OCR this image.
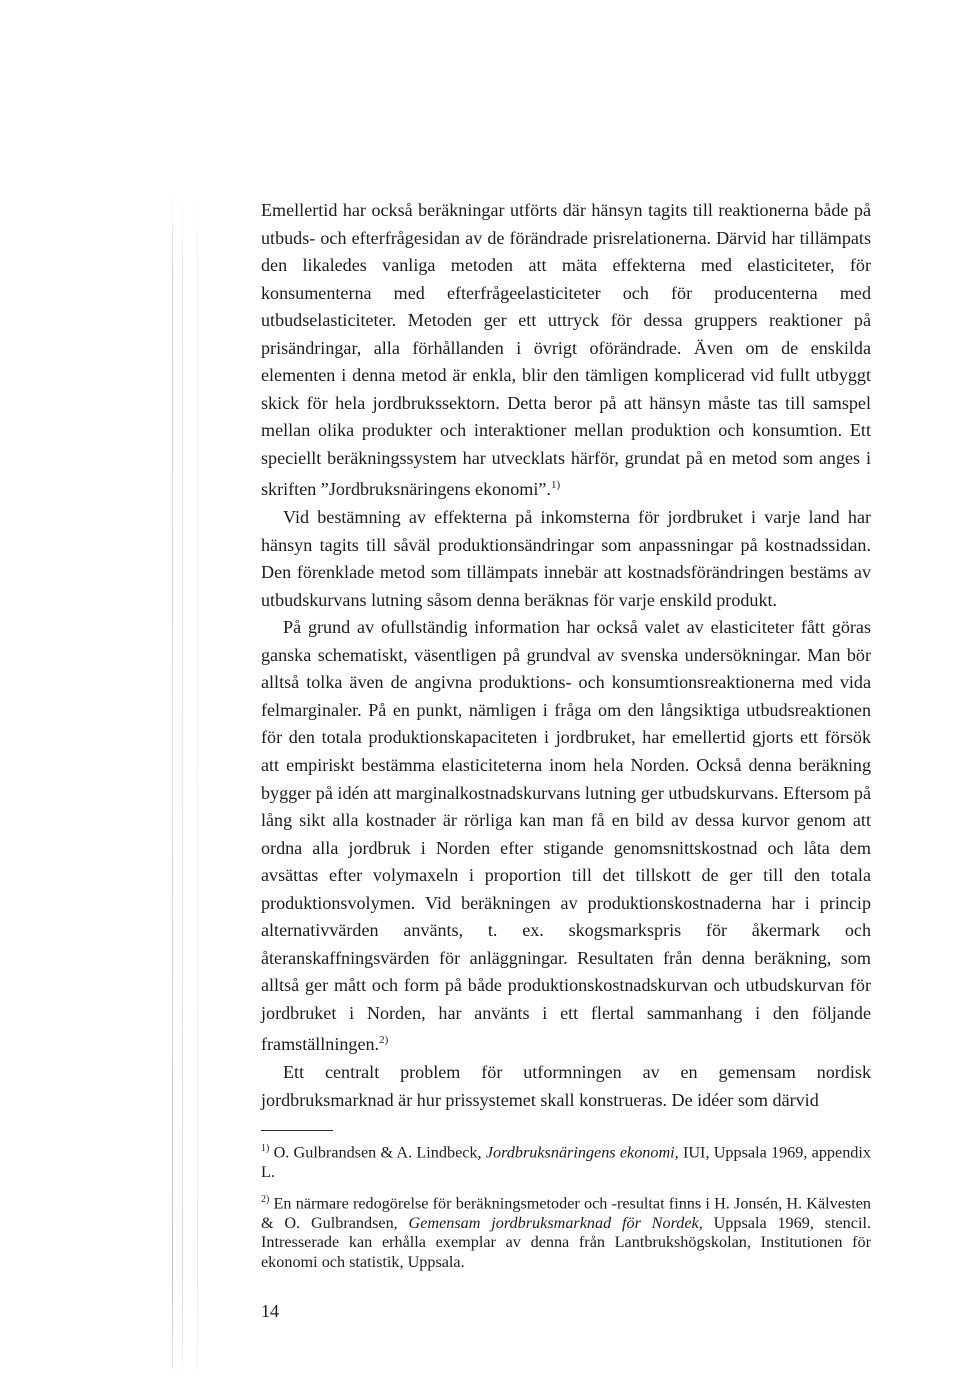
Emellertid har också beräkningar utförts där hänsyn tagits till reaktionerna både på utbuds- och efterfrågesidan av de förändrade prisrelationerna. Därvid har tillämpats den likaledes vanliga metoden att mäta effekterna med elasticiteter, för konsumenterna med efterfrågeelasticiteter och för producenterna med utbudselasticiteter. Metoden ger ett uttryck för dessa gruppers reaktioner på prisändringar, alla förhållanden i övrigt oförändrade. Även om de enskilda elementen i denna metod är enkla, blir den tämligen komplicerad vid fullt utbyggt skick för hela jordbrukssektorn. Detta beror på att hänsyn måste tas till samspel mellan olika produkter och interaktioner mellan produktion och konsumtion. Ett speciellt beräkningssystem har utvecklats härför, grundat på en metod som anges i skriften ”Jordbruksnäringens ekonomi”.$^{1)}$

Vid bestämning av effekterna på inkomsterna för jordbruket i varje land har hänsyn tagits till såväl produktionsändringar som anpassningar på kostnadssidan. Den förenklade metod som tillämpats innebär att kostnadsförändringen bestäms av utbudskurvans lutning såsom denna beräknas för varje enskild produkt.

På grund av ofullständig information har också valet av elasticiteter fått göras ganska schematiskt, väsentligen på grundval av svenska undersökningar. Man bör alltså tolka även de angivna produktions- och konsumtionsreaktionerna med vida felmarginaler. På en punkt, nämligen i fråga om den långsiktiga utbudsreaktionen för den totala produktionskapaciteten i jordbruket, har emellertid gjorts ett försök att empiriskt bestämma elasticiteterna inom hela Norden. Också denna beräkning bygger på idén att marginalkostnadskurvans lutning ger utbudskurvans. Eftersom på lång sikt alla kostnader är rörliga kan man få en bild av dessa kurvor genom att ordna alla jordbruk i Norden efter stigande genomsnittskostnad och låta dem avsättas efter volymaxeln i proportion till det tillskott de ger till den totala produktionsvolymen. Vid beräkningen av produktionskostnaderna har i princip alternativvärden använts, t. ex. skogsmarkspris för åkermark och återanskaffningsvärden för anläggningar. Resultaten från denna beräkning, som alltså ger mått och form på både produktionskostnadskurvan och utbudskurvan för jordbruket i Norden, har använts i ett flertal sammanhang i den följande framställningen.$^{2)}$

Ett centralt problem för utformningen av en gemensam nordisk jordbruksmarknad är hur prissystemet skall konstrueras. De idéer som därvid

$^{1)}$ O. Gulbrandsen & A. Lindbeck, Jordbruksnäringens ekonomi, IUI, Uppsala 1969, appendix L.

$^{2)}$ En närmare redogörelse för beräkningsmetoder och -resultat finns i H. Jonsén, H. Kälvesten & O. Gulbrandsen, Gemensam jordbruksmarknad för Nordek, Uppsala 1969, stencil. Intresserade kan erhålla exemplar av denna från Lantbrukshögskolan, Institutionen för ekonomi och statistik, Uppsala.

14
